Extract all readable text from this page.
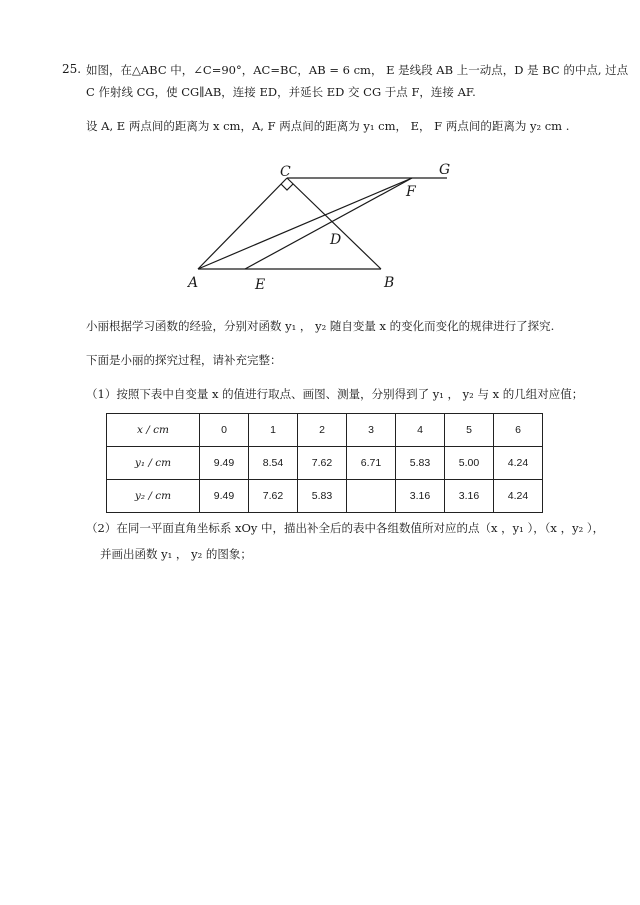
25. 如图，在△ABC 中，∠C=90°，AC=BC，AB = 6 cm， E 是线段 AB 上一动点，D 是 BC 的中点, 过点
C 作射线 CG，使 CG∥AB，连接 ED，并延长 ED 交 CG 于点 F，连接 AF.
设 A, E 两点间的距离为 x cm，A, F 两点间的距离为 y₁ cm， E， F 两点间的距离为 y₂ cm .
C	G
F
D
A	E	B
小丽根据学习函数的经验，分别对函数 y₁ ， y₂ 随自变量 x 的变化而变化的规律进行了探究.
下面是小丽的探究过程，请补充完整：
（1）按照下表中自变量 x 的值进行取点、画图、测量，分别得到了 y₁ ， y₂ 与 x 的几组对应值；
x / cm	0	1	2	3	4	5	6
y₁ / cm	9.49	8.54	7.62	6.71	5.83	5.00	4.24
y₂ / cm	9.49	7.62	5.83		3.16	3.16	4.24
（2）在同一平面直角坐标系 xOy 中，描出补全后的表中各组数值所对应的点（x ，y₁ ），（x ，y₂ ），
并画出函数 y₁ ， y₂ 的图象；
